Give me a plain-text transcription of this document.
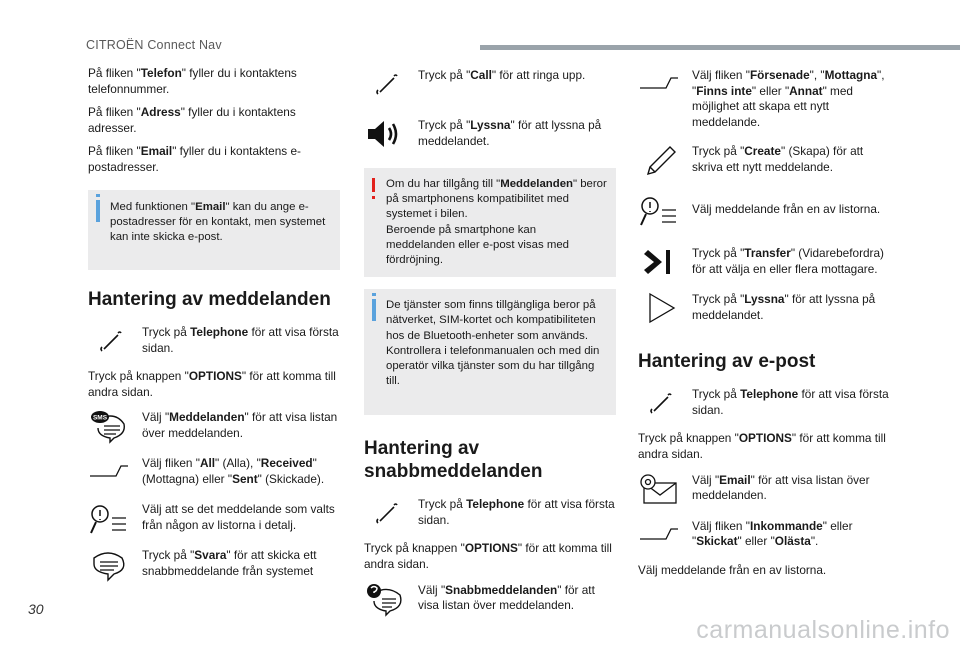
CITROËN Connect Nav

På fliken "Telefon" fyller du i kontaktens telefonnummer.

På fliken "Adress" fyller du i kontaktens adresser.

På fliken "Email" fyller du i kontaktens e-postadresser.

Med funktionen "Email" kan du ange e-postadresser för en kontakt, men systemet kan inte skicka e-post.

Hantering av meddelanden

Tryck på Telephone för att visa första sidan.

Tryck på knappen "OPTIONS" för att komma till andra sidan.

SMS	Välj "Meddelanden" för att visa listan över meddelanden.

Välj fliken "All" (Alla), "Received" (Mottagna) eller "Sent" (Skickade).

Välj att se det meddelande som valts från någon av listorna i detalj.

Tryck på "Svara" för att skicka ett snabbmeddelande från systemet

Tryck på "Call" för att ringa upp.

Tryck på "Lyssna" för att lyssna på meddelandet.

Om du har tillgång till "Meddelanden" beror på smartphonens kompatibilitet med systemet i bilen.

Beroende på smartphone kan meddelanden eller e-post visas med fördröjning.

De tjänster som finns tillgängliga beror på nätverket, SIM-kortet och kompatibiliteten hos de Bluetooth-enheter som används. Kontrollera i telefonmanualen och med din operatör vilka tjänster som du har tillgång till.

Hantering av snabbmeddelanden

Tryck på Telephone för att visa första sidan.

Tryck på knappen "OPTIONS" för att komma till andra sidan.

Välj "Snabbmeddelanden" för att visa listan över meddelanden.

Välj fliken "Försenade", "Mottagna", "Finns inte" eller "Annat" med möjlighet att skapa ett nytt meddelande.

Tryck på "Create" (Skapa) för att skriva ett nytt meddelande.

Välj meddelande från en av listorna.

Tryck på "Transfer" (Vidarebefordra) för att välja en eller flera mottagare.

Tryck på "Lyssna" för att lyssna på meddelandet.

Hantering av e-post

Tryck på Telephone för att visa första sidan.

Tryck på knappen "OPTIONS" för att komma till andra sidan.

Välj "Email" för att visa listan över meddelanden.

Välj fliken "Inkommande" eller "Skickat" eller "Olästa".

Välj meddelande från en av listorna.

30
carmanualsonline.info
